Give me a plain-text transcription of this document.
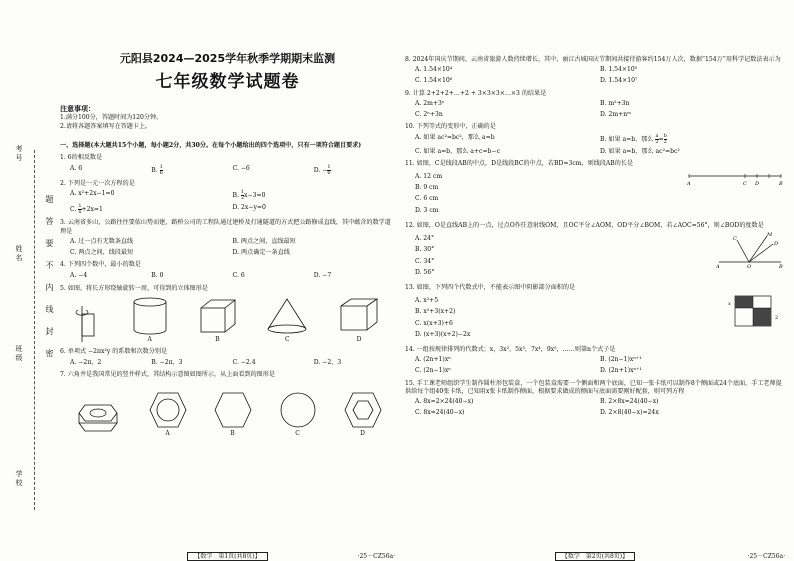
考号
姓名
班级
学校
题答要不内线封密
元阳县2024—2025学年秋季学期期末监测
七年级数学试题卷
注意事项：
1.满分100分，答题时间为120分钟。
2.请将各题答案填写在答题卡上。
一、选择题(本大题共15个小题，每小题2分，共30分。在每个小题给出的四个选项中，只有一项符合题目要求)
1. 6的相反数是
A. 6	B. $\frac{1}{6}$	C. −6	D. − $\frac{1}{6}$
2. 下列是一元一次方程的是
A. x²+2x−1=0	B. $\frac{1}{2} x-3=0$
C. $\frac{1}{x} +2x=1$	D. 2x−y=0
3. 云南省多山，公路往往要依山势而建，路桥公司的工程队通过建桥及打通隧道的方式把公路修成直线，其中蕴含的数学道理是
A. 过一点有无数条直线	B. 两点之间，直线最短
C. 两点之间，线段最短	D. 两点确定一条直线
4. 下列四个数中，最小的数是
A. −4	B. 0	C. 6	D. −7
5. 如图，将长方形绕轴旋转一周，可得到的立体图形是
A	B	C	D
6. 单项式 −2πx²y 的系数和次数分别是
A. −2π，2	B. −2π，3	C. −2.4	D. −2，3
7. 六角井是我国常见的竖井样式，其结构示意图如图所示，从上面看到的图形是
A	B	C	D
【数学　第1页(共8页)】	·25－CZ56a·
8. 2024年国庆节期间，云南省旅游人数持续增长，其中，丽江古城国庆节期间共接待游客约154万人次，数据“154万”用科学记数法表示为
A. 1.54×10⁴	B. 1.54×10⁵
C. 1.54×10⁶	D. 1.54×10⁷
9. 计算 2+2+2+…+2 + 3×3×3×…×3 的结果是
A. 2m+3ⁿ	B. m²+3n
C. 2ⁿ+3n	D. 2m+nᵐ
10. 下列等式的变形中，正确的是
A. 如果 ac²=bc²，那么 a=b	B. 如果 a=b，那么 $\frac{a}{2} = \frac{b}{2}$
C. 如果 a=b，那么 a+c=b−c	D. 如果 a=b，那么 ac²=bc²
11. 如图，C是线段AB的中点，D是线段BC的中点，若BD=3cm，则线段AB的长是
A. 12 cm
B. 9 cm
C. 6 cm
D. 3 cm
A	C D	B
12. 如图，O是直线AB上的一点，过点O作任意射线OM，且OC平分∠AOM，OD平分∠BOM，若∠AOC=56°，则∠BOD的度数是
A. 24°
B. 30°
C. 34°
D. 56°
A	O	B
M
C
D
13. 如图，下列四个代数式中，不能表示图中阴影部分面积的是
A. x²+5
B. x²+3(x+2)
C. x(x+3)+6
D. (x+3)(x+2)−2x
x
2
14. 一组按规律排列的代数式：x，3x²，5x³，7x⁴，9x⁵，……则第n个式子是
A. (2n+1)xⁿ	B. (2n−1)xⁿ⁺¹
C. (2n−1)xⁿ	D. (2n+1)xⁿ⁺¹
15. 手工课老师组织学生制作圆柱形包装盒，一个包装盒需要一个侧面和两个底面，已知一张卡纸可以制作8个侧面或24个底面，手工老师提供给每个组40张卡纸，已知用x张卡纸制作侧面，根据要求做成的侧面与底面需要刚好配套，则可列方程
A. 8x=2×24(40−x)	B. 2×8x=24(40−x)
C. 8x=24(40−x)	D. 2×8(40−x)=24x
【数学　第2页(共8页)】	·25－CZ56a·
